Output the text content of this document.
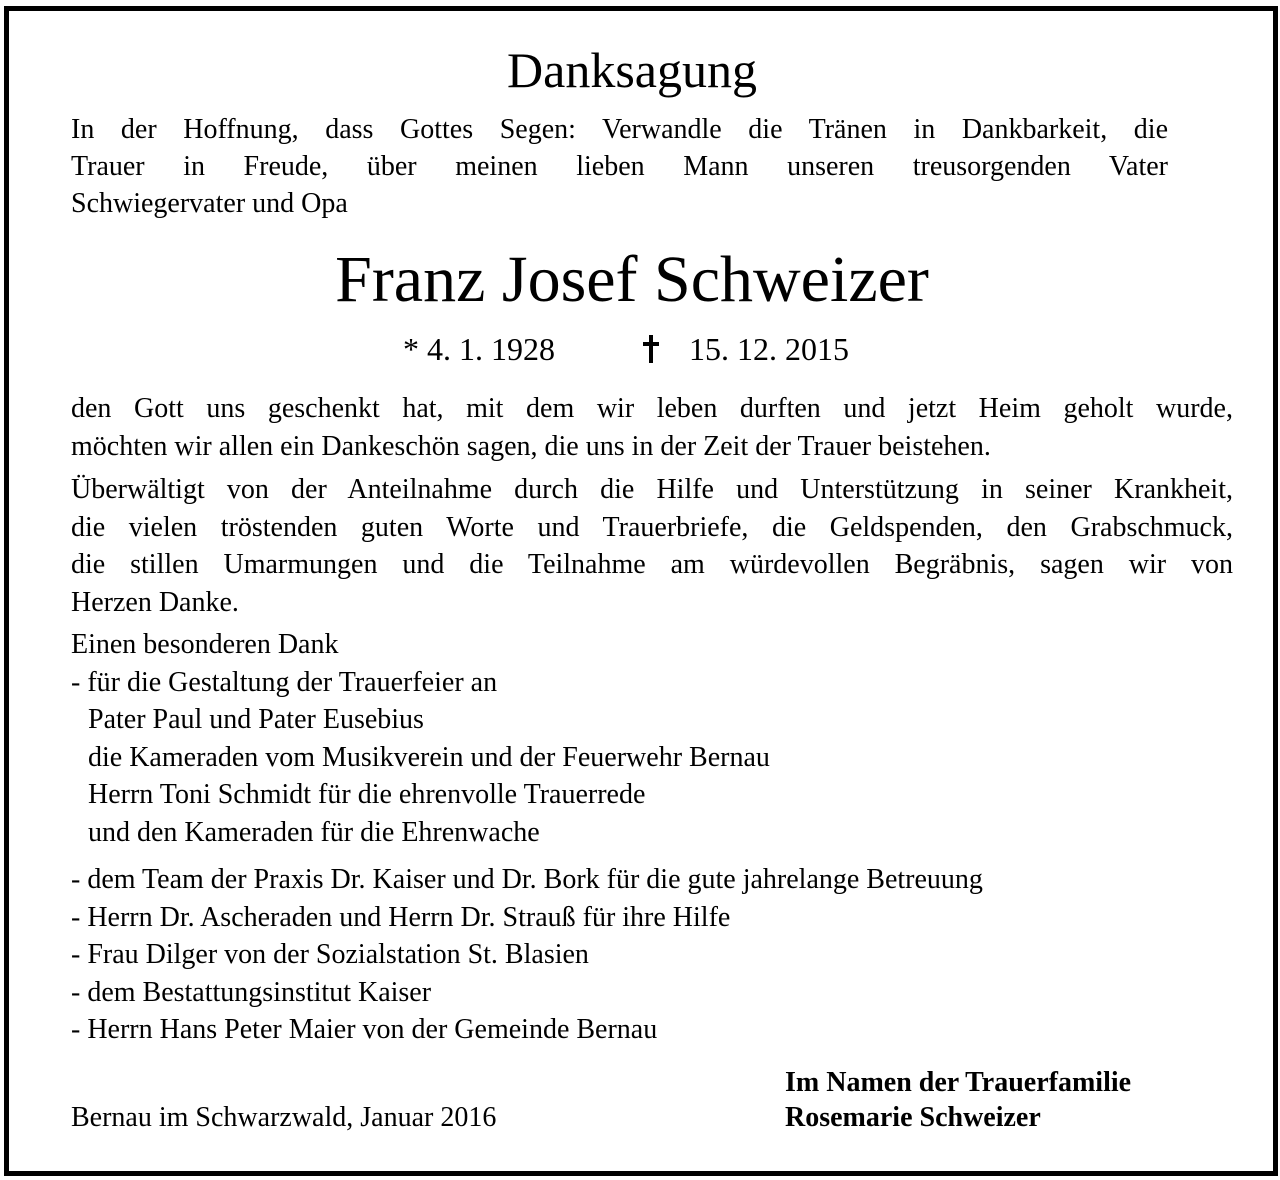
Danksagung
In der Hoffnung, dass Gottes Segen: Verwandle die Tränen in Dankbarkeit, die
Trauer in Freude, über meinen lieben Mann unseren treusorgenden Vater
Schwiegervater und Opa
Franz Josef Schweizer
* 4. 1. 1928	15. 12. 2015
den Gott uns geschenkt hat, mit dem wir leben durften und jetzt Heim geholt wurde,
möchten wir allen ein Dankeschön sagen, die uns in der Zeit der Trauer beistehen.
Überwältigt von der Anteilnahme durch die Hilfe und Unterstützung in seiner Krankheit,
die vielen tröstenden guten Worte und Trauerbriefe, die Geldspenden, den Grabschmuck,
die stillen Umarmungen und die Teilnahme am würdevollen Begräbnis, sagen wir von
Herzen Danke.
Einen besonderen Dank
- für die Gestaltung der Trauerfeier an
Pater Paul und Pater Eusebius
die Kameraden vom Musikverein und der Feuerwehr Bernau
Herrn Toni Schmidt für die ehrenvolle Trauerrede
und den Kameraden für die Ehrenwache
- dem Team der Praxis Dr. Kaiser und Dr. Bork für die gute jahrelange Betreuung
- Herrn Dr. Ascheraden und Herrn Dr. Strauß für ihre Hilfe
- Frau Dilger von der Sozialstation St. Blasien
- dem Bestattungsinstitut Kaiser
- Herrn Hans Peter Maier von der Gemeinde Bernau
Im Namen der Trauerfamilie
Rosemarie Schweizer
Bernau im Schwarzwald, Januar 2016
